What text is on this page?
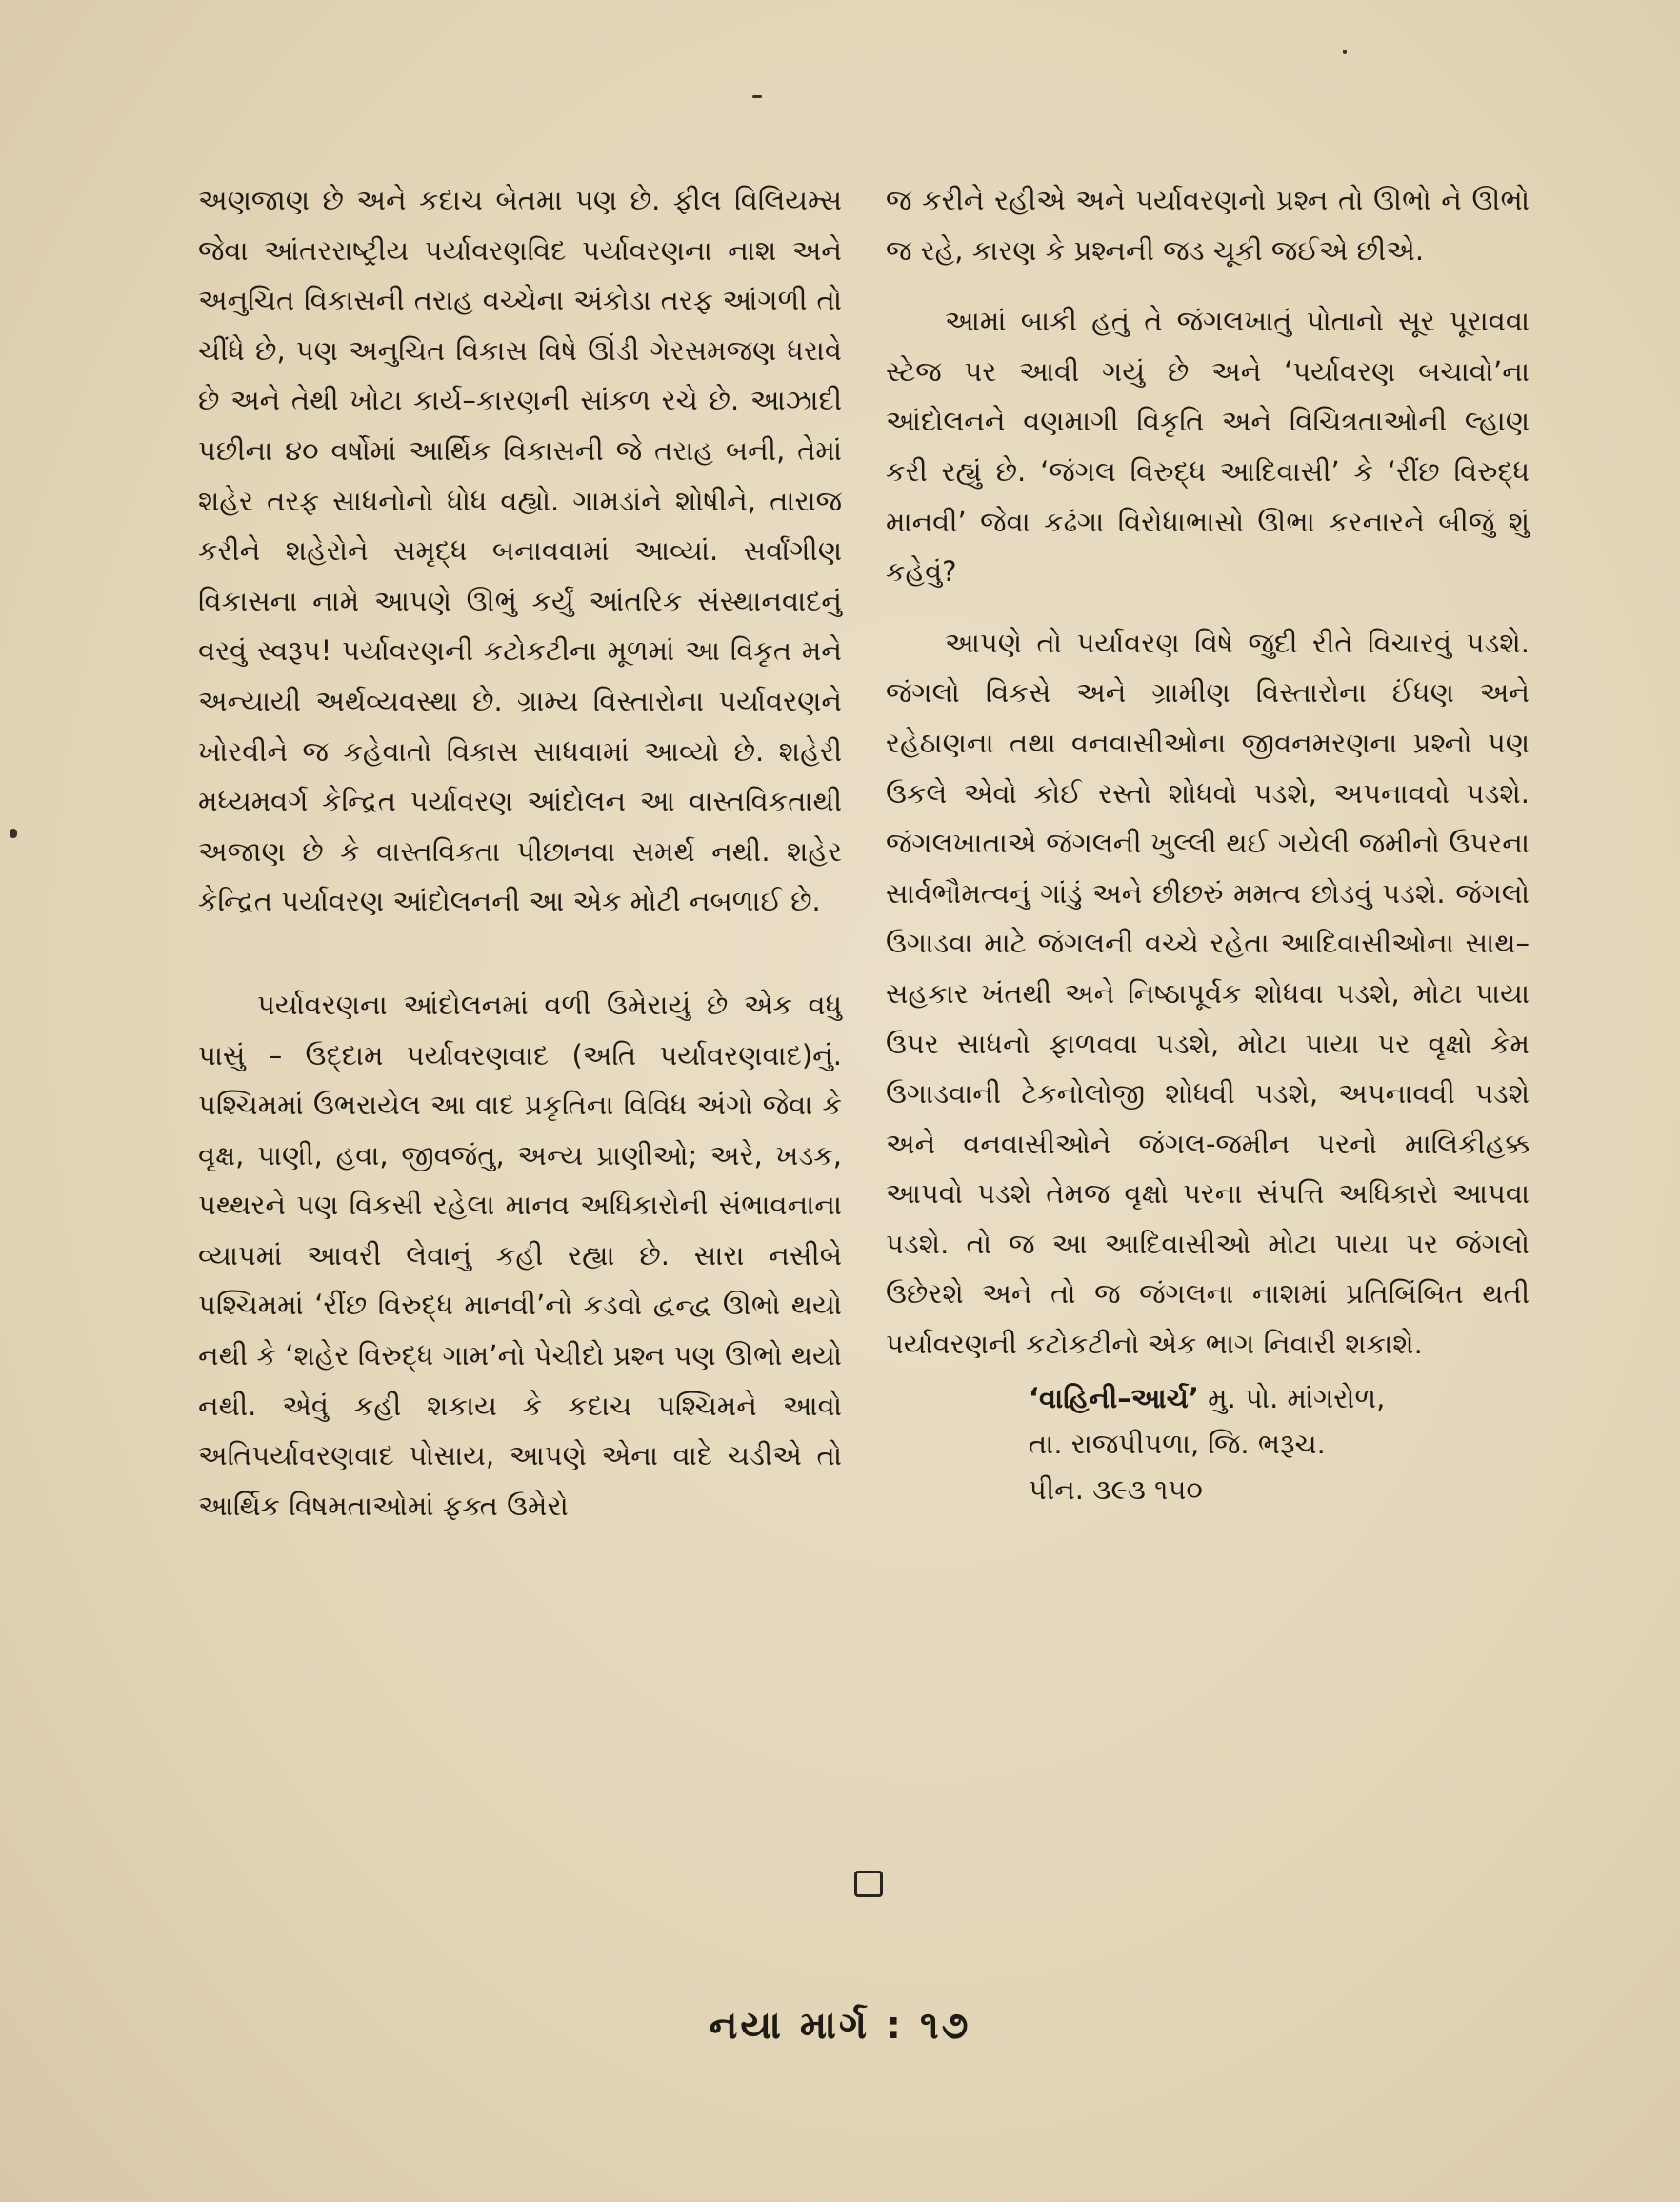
અણજાણ છે અને કદાચ બેતમા પણ છે. ફીલ વિલિયમ્સ જેવા આંતરરાષ્ટ્રીય પર્યાવરણવિદ પર્યાવરણના નાશ અને અનુચિત વિકાસની તરાહ વચ્ચેના અંકોડા તરફ આંગળી તો ચીંધે છે, પણ અનુચિત વિકાસ વિષે ઊંડી ગેરસમજણ ધરાવે છે અને તેથી ખોટા કાર્ય–કારણની સાંકળ રચે છે. આઝાદી પછીના ૪૦ વર્ષોમાં આર્થિક વિકાસની જે તરાહ બની, તેમાં શહેર તરફ સાધનોનો ધોધ વહ્યો. ગામડાંને શોષીને, તારાજ કરીને શહેરોને સમૃદ્ધ બનાવવામાં આવ્યાં. સર્વાંગીણ વિકાસના નામે આપણે ઊભું કર્યું આંતરિક સંસ્થાનવાદનું વરવું સ્વરૂપ! પર્યાવરણની કટોકટીના મૂળમાં આ વિકૃત મને અન્યાયી અર્થવ્યવસ્થા છે. ગ્રામ્ય વિસ્તારોના પર્યાવરણને ખોરવીને જ કહેવાતો વિકાસ સાધવામાં આવ્યો છે. શહેરી મધ્યમવર્ગ કેન્દ્રિત પર્યાવરણ આંદોલન આ વાસ્તવિકતાથી અજાણ છે કે વાસ્તવિકતા પીછાનવા સમર્થ નથી. શહેર કેન્દ્રિત પર્યાવરણ આંદોલનની આ એક મોટી નબળાઈ છે.

પર્યાવરણના આંદોલનમાં વળી ઉમેરાયું છે એક વધુ પાસું – ઉદ્દામ પર્યાવરણવાદ (અતિ પર્યાવરણવાદ)નું. પશ્ચિમમાં ઉભરાયેલ આ વાદ પ્રકૃતિના વિવિધ અંગો જેવા કે વૃક્ષ, પાણી, હવા, જીવજંતુ, અન્ય પ્રાણીઓ; અરે, ખડક, પથ્થરને પણ વિકસી રહેલા માનવ અધિકારોની સંભાવનાના વ્યાપમાં આવરી લેવાનું કહી રહ્યા છે. સારા નસીબે પશ્ચિમમાં ‘રીંછ વિરુદ્ધ માનવી’નો કડવો દ્વન્દ્વ ઊભો થયો નથી કે ‘શહેર વિરુદ્ધ ગામ’નો પેચીદો પ્રશ્ન પણ ઊભો થયો નથી. એવું કહી શકાય કે કદાચ પશ્ચિમને આવો અતિપર્યાવરણવાદ પોસાય, આપણે એના વાદે ચડીએ તો આર્થિક વિષમતાઓમાં ફક્ત ઉમેરો

જ કરીને રહીએ અને પર્યાવરણનો પ્રશ્ન તો ઊભો ને ઊભો જ રહે, કારણ કે પ્રશ્નની જડ ચૂકી જઈએ છીએ.

આમાં બાકી હતું તે જંગલખાતું પોતાનો સૂર પૂરાવવા સ્ટેજ પર આવી ગયું છે અને ‘પર્યાવરણ બચાવો’ના આંદોલનને વણમાગી વિકૃતિ અને વિચિત્રતાઓની લ્હાણ કરી રહ્યું છે. ‘જંગલ વિરુદ્ધ આદિવાસી’ કે ‘રીંછ વિરુદ્ધ માનવી’ જેવા કઢંગા વિરોધાભાસો ઊભા કરનારને બીજું શું કહેવું?

આપણે તો પર્યાવરણ વિષે જુદી રીતે વિચારવું પડશે. જંગલો વિકસે અને ગ્રામીણ વિસ્તારોના ઈંધણ અને રહેઠાણના તથા વનવાસીઓના જીવનમરણના પ્રશ્નો પણ ઉકલે એવો કોઈ રસ્તો શોધવો પડશે, અપનાવવો પડશે. જંગલખાતાએ જંગલની ખુલ્લી થઈ ગયેલી જમીનો ઉપરના સાર્વભૌમત્વનું ગાંડું અને છીછરું મમત્વ છોડવું પડશે. જંગલો ઉગાડવા માટે જંગલની વચ્ચે રહેતા આદિવાસીઓના સાથ–સહકાર ખંતથી અને નિષ્ઠાપૂર્વક શોધવા પડશે, મોટા પાયા ઉપર સાધનો ફાળવવા પડશે, મોટા પાયા પર વૃક્ષો કેમ ઉગાડવાની ટેકનોલોજી શોધવી પડશે, અપનાવવી પડશે અને વનવાસીઓને જંગલ-જમીન પરનો માલિકીહક્ક આપવો પડશે તેમજ વૃક્ષો પરના સંપત્તિ અધિકારો આપવા પડશે. તો જ આ આદિવાસીઓ મોટા પાયા પર જંગલો ઉછેરશે અને તો જ જંગલના નાશમાં પ્રતિબિંબિત થતી પર્યાવરણની કટોકટીનો એક ભાગ નિવારી શકાશે.

‘વાહિની–આર્ચ’ મુ. પો. માંગરોળ,
તા. રાજપીપળા, જિ. ભરૂચ.
પીન. ૩૯૩ ૧૫૦
નયા માર્ગ : ૧૭
